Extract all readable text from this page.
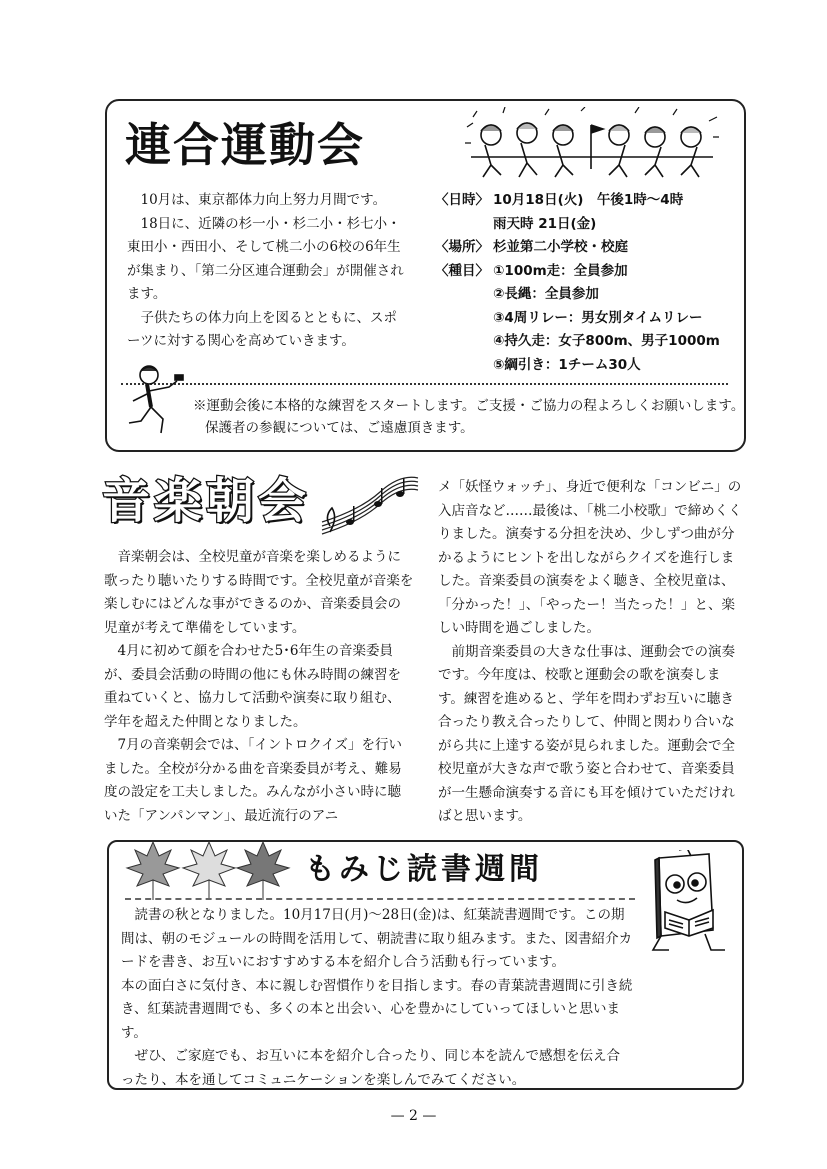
連合運動会

10月は、東京都体力向上努力月間です。

18日に、近隣の杉一小・杉二小・杉七小・東田小・西田小、そして桃二小の6校の6年生が集まり、「第二分区連合運動会」が開催されます。

子供たちの体力向上を図るとともに、スポーツに対する関心を高めていきます。

〈日時〉 10月18日(火)　午後1時～4時
雨天時 21日(金)
〈場所〉 杉並第二小学校・校庭
〈種目〉 ①100m走：全員参加
②長縄：全員参加
③4周リレー：男女別タイムリレー
④持久走：女子800m、男子1000m
⑤綱引き：1チーム30人
※運動会後に本格的な練習をスタートします。ご支援・ご協力の程よろしくお願いします。
保護者の参観については、ご遠慮頂きます。
音楽朝会

音楽朝会は、全校児童が音楽を楽しめるように歌ったり聴いたりする時間です。全校児童が音楽を楽しむにはどんな事ができるのか、音楽委員会の児童が考えて準備をしています。

4月に初めて顔を合わせた5･6年生の音楽委員が、委員会活動の時間の他にも休み時間の練習を重ねていくと、協力して活動や演奏に取り組む、学年を超えた仲間となりました。

7月の音楽朝会では、「イントロクイズ」を行いました。全校が分かる曲を音楽委員が考え、難易度の設定を工夫しました。みんなが小さい時に聴いた「アンパンマン」、最近流行のアニ

メ「妖怪ウォッチ」、身近で便利な「コンビニ」の入店音など……最後は、「桃二小校歌」で締めくくりました。演奏する分担を決め、少しずつ曲が分かるようにヒントを出しながらクイズを進行しました。音楽委員の演奏をよく聴き、全校児童は、「分かった！」、「やったー！当たった！」と、楽しい時間を過ごしました。

前期音楽委員の大きな仕事は、運動会での演奏です。今年度は、校歌と運動会の歌を演奏します。練習を進めると、学年を問わずお互いに聴き合ったり教え合ったりして、仲間と関わり合いながら共に上達する姿が見られました。運動会で全校児童が大きな声で歌う姿と合わせて、音楽委員が一生懸命演奏する音にも耳を傾けていただければと思います。

もみじ読書週間

読書の秋となりました。10月17日(月)～28日(金)は、紅葉読書週間です。この期間は、朝のモジュールの時間を活用して、朝読書に取り組みます。また、図書紹介カードを書き、お互いにおすすめする本を紹介し合う活動も行っています。

本の面白さに気付き、本に親しむ習慣作りを目指します。春の青葉読書週間に引き続き、紅葉読書週間でも、多くの本と出会い、心を豊かにしていってほしいと思います。

ぜひ、ご家庭でも、お互いに本を紹介し合ったり、同じ本を読んで感想を伝え合ったり、本を通してコミュニケーションを楽しんでみてください。

— 2 —
